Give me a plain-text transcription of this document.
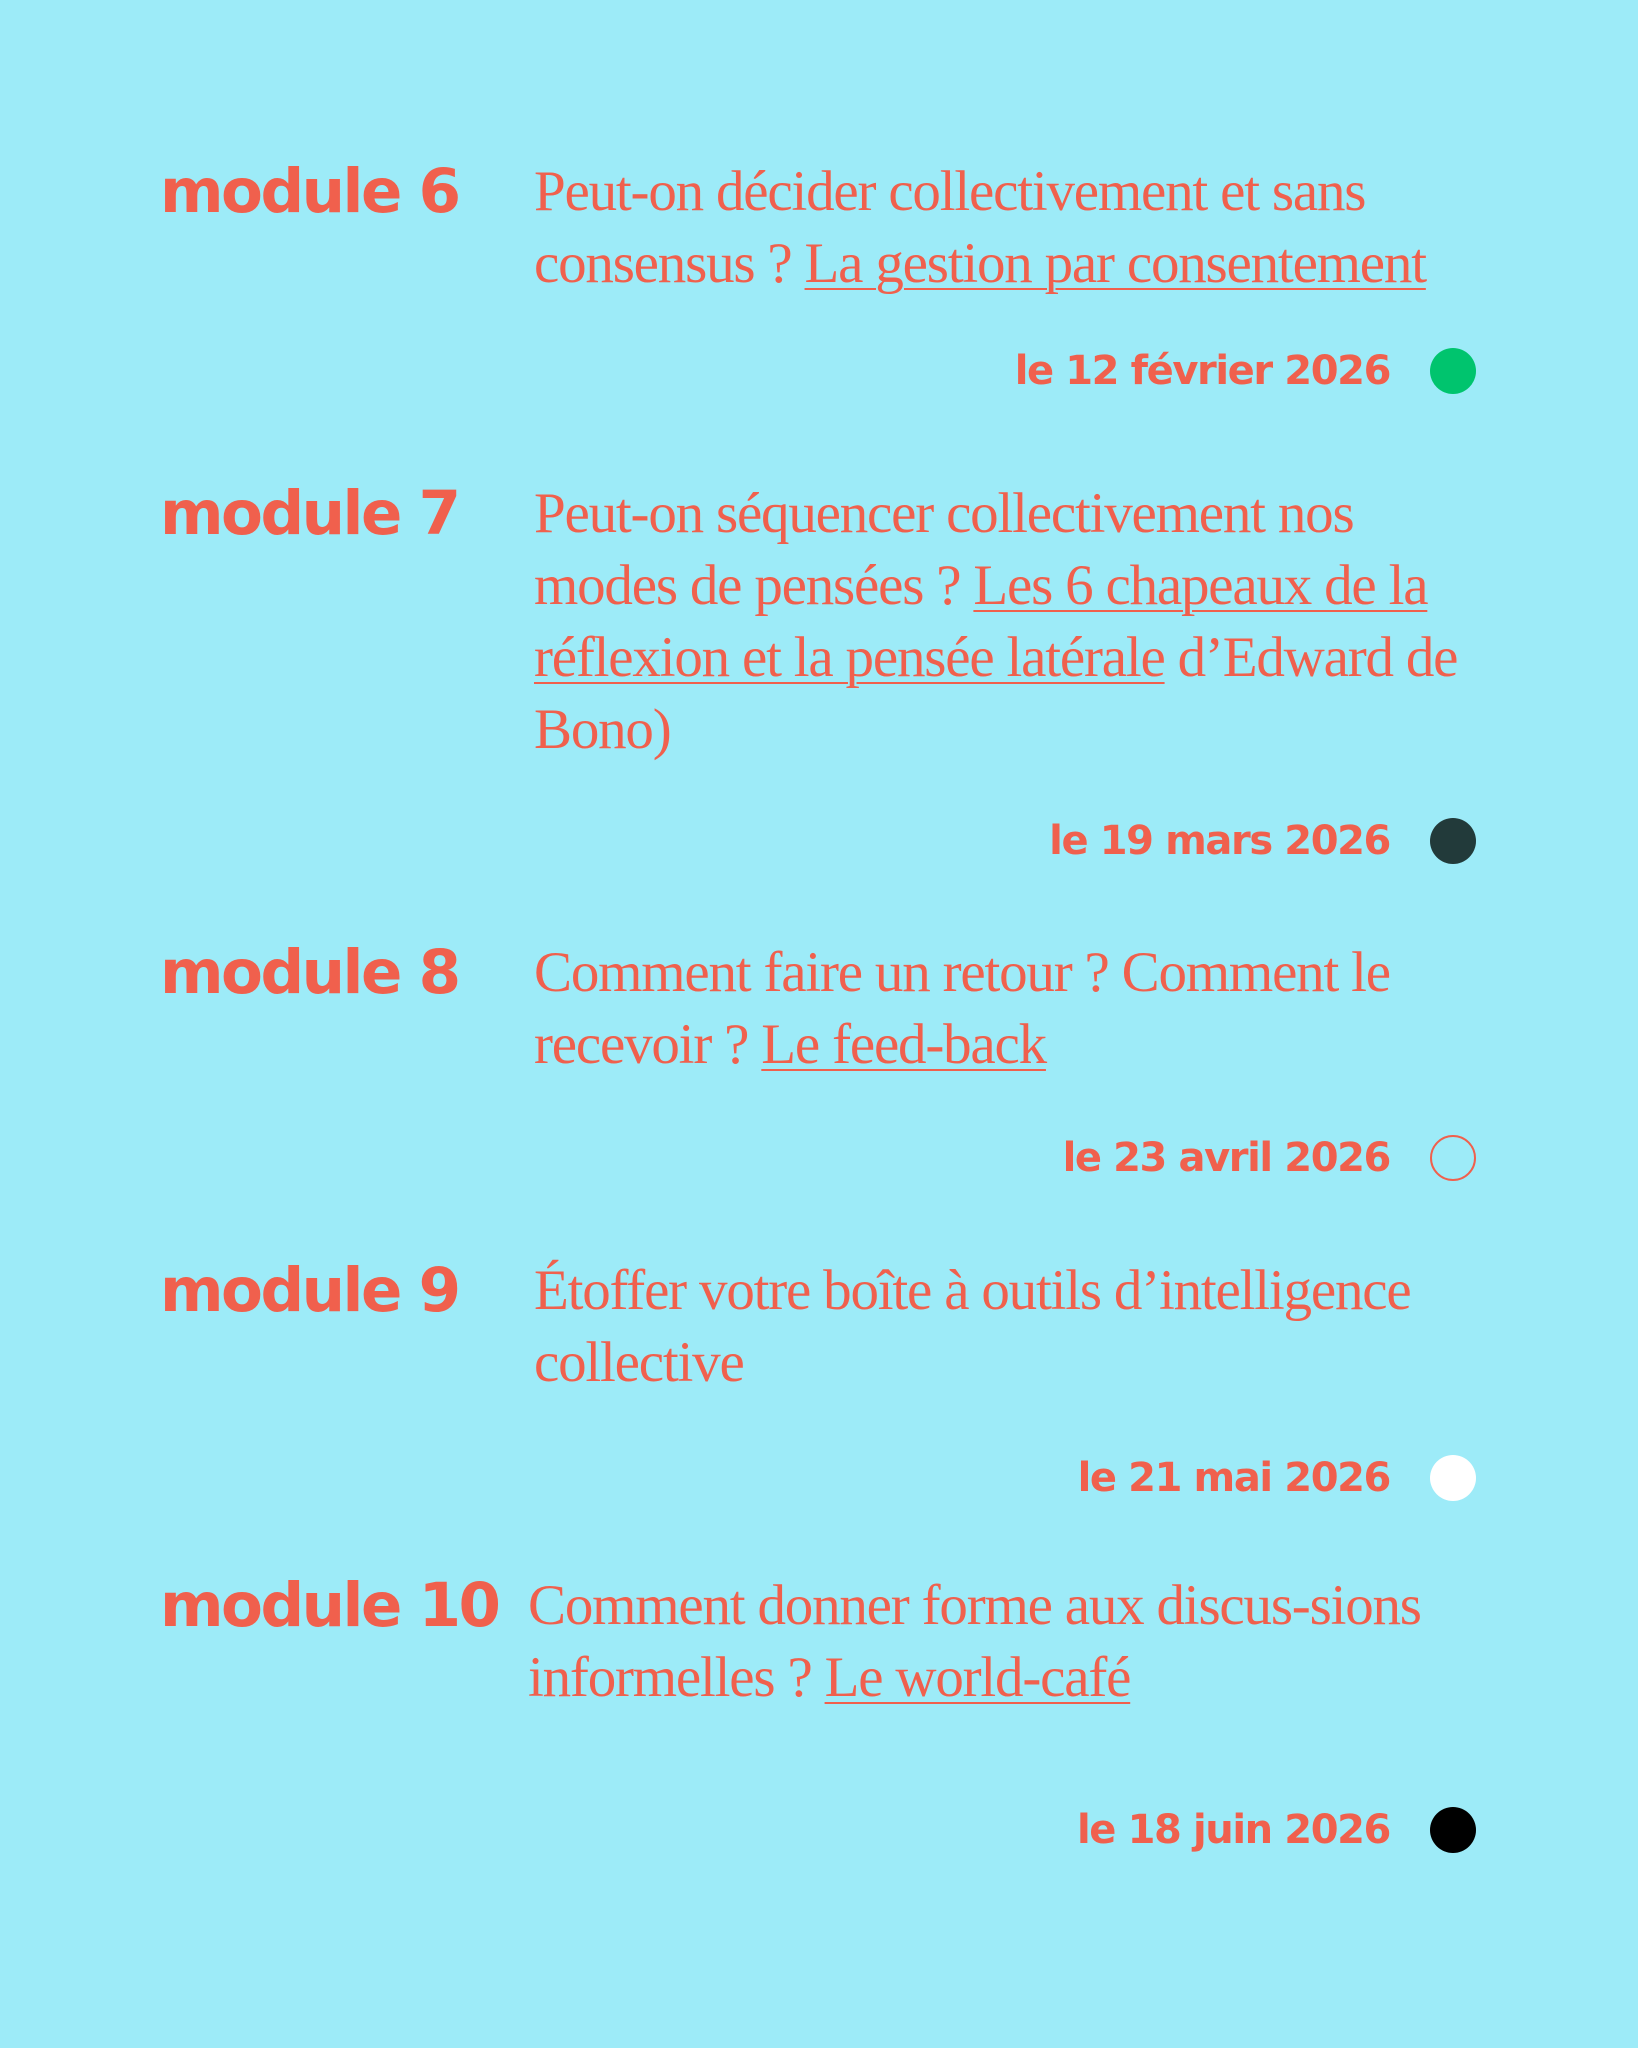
module 6 Peut-on décider collectivement et sans consensus ? La gestion par consentement
le 12 février 2026
module 7 Peut-on séquencer collectivement nos modes de pensées ? Les 6 chapeaux de la réflexion et la pensée latérale d’Edward de Bono)
le 19 mars 2026
module 8 Comment faire un retour ? Comment le recevoir ? Le feed-back
le 23 avril 2026
module 9 Étoffer votre boîte à outils d’intelligence collective
le 21 mai 2026
module 10 Comment donner forme aux discus-sions informelles ? Le world-café
le 18 juin 2026
